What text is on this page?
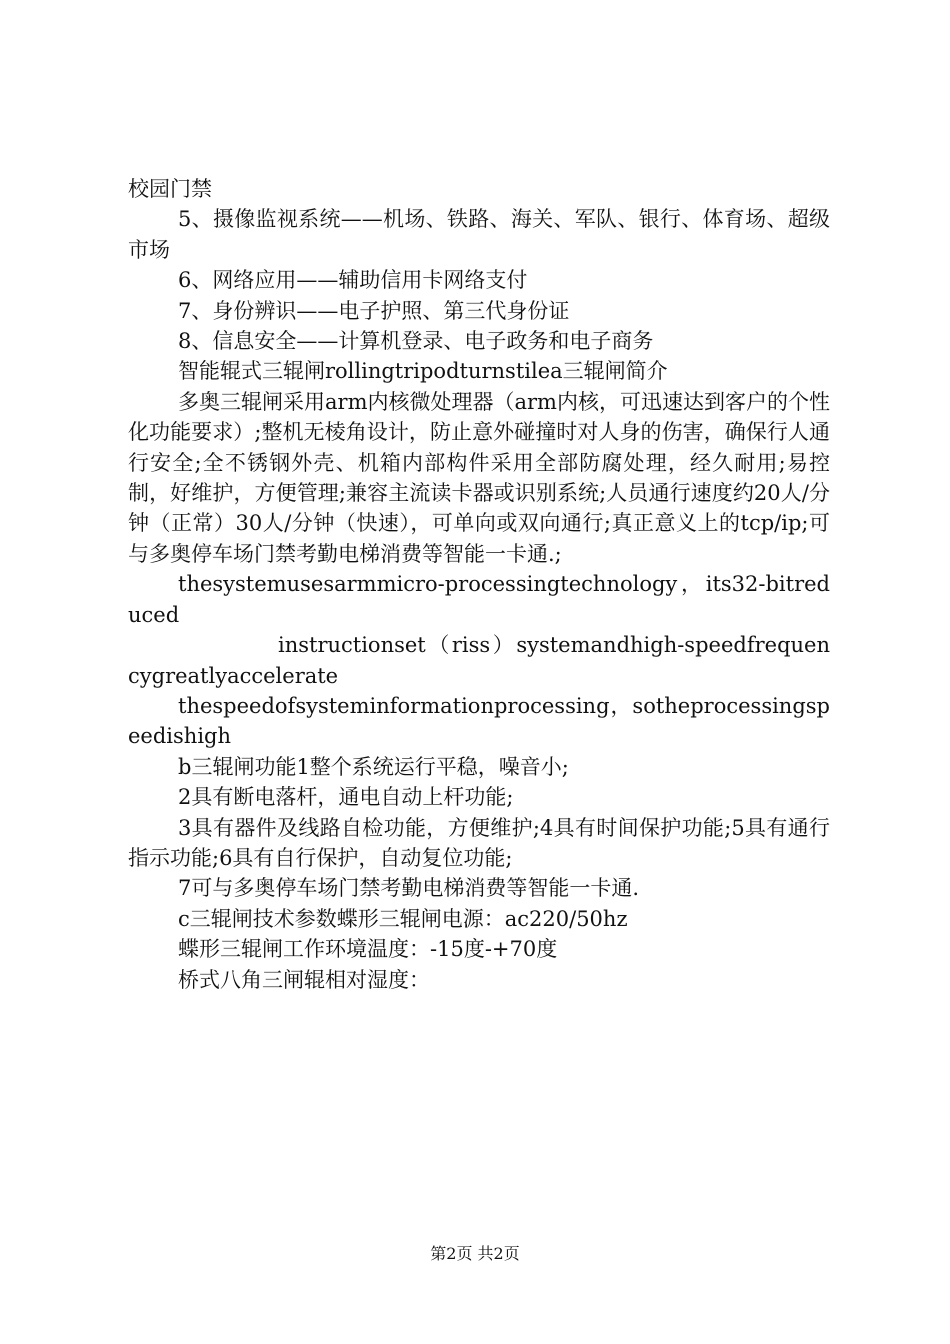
校园门禁

5、摄像监视系统——机场、铁路、海关、军队、银行、体育场、超级市场

6、网络应用——辅助信用卡网络支付

7、身份辨识——电子护照、第三代身份证

8、信息安全——计算机登录、电子政务和电子商务

智能辊式三辊闸rollingtripodturnstilea三辊闸简介

多奥三辊闸采用arm内核微处理器（arm内核，可迅速达到客户的个性化功能要求）;整机无棱角设计，防止意外碰撞时对人身的伤害，确保行人通行安全;全不锈钢外壳、机箱内部构件采用全部防腐处理，经久耐用;易控制，好维护，方便管理;兼容主流读卡器或识别系统;人员通行速度约20人/分钟（正常）30人/分钟（快速），可单向或双向通行;真正意义上的tcp/ip;可与多奥停车场门禁考勤电梯消费等智能一卡通.;

thesystemusesarmmicro-processingtechnology，its32-bitreduced

instructionset（riss）systemandhigh-speedfrequencygreatlyaccelerate

thespeedofsysteminformationprocessing，sotheprocessingspeedishigh

b三辊闸功能1整个系统运行平稳，噪音小;

2具有断电落杆，通电自动上杆功能;

3具有器件及线路自检功能，方便维护;4具有时间保护功能;5具有通行指示功能;6具有自行保护，自动复位功能;

7可与多奥停车场门禁考勤电梯消费等智能一卡通.

c三辊闸技术参数蝶形三辊闸电源：ac220/50hz

蝶形三辊闸工作环境温度：-15度-+70度

桥式八角三闸辊相对湿度：

第2页 共2页
